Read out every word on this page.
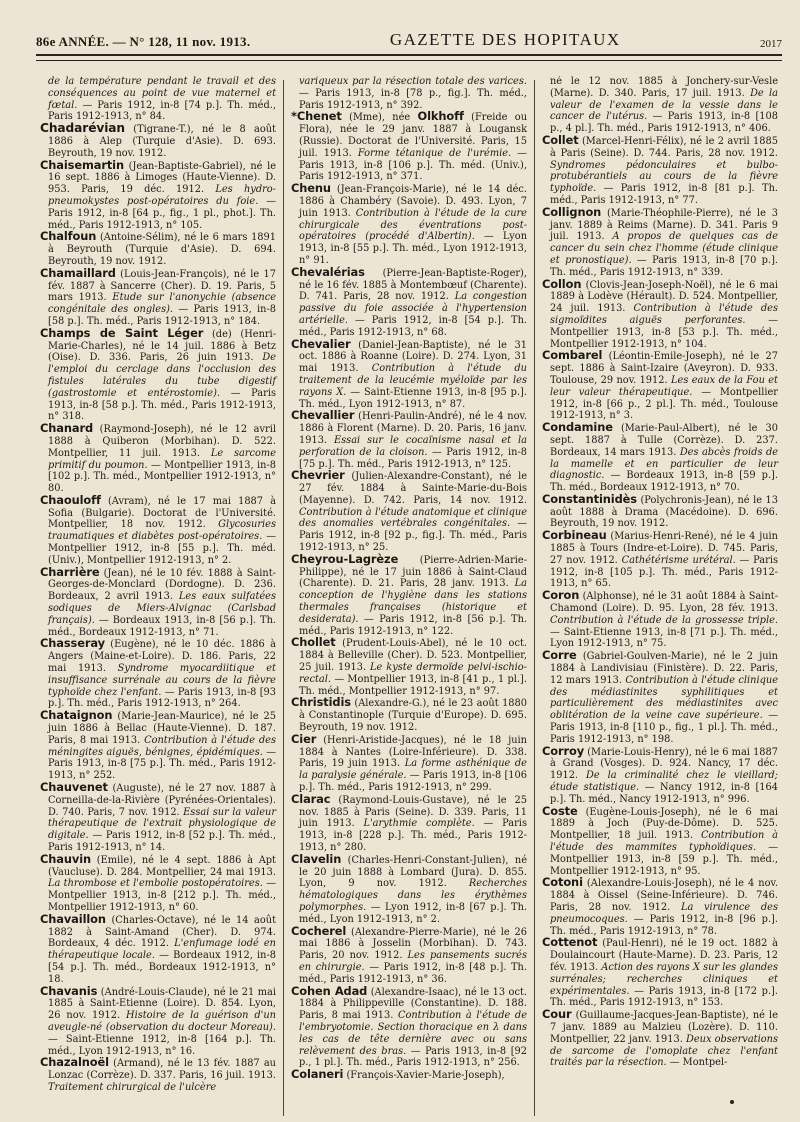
86e ANNÉE. — N° 128, 11 nov. 1913.	GAZETTE DES HOPITAUX	2017

de la température pendant le travail et des conséquences au point de vue maternel et fœtal. — Paris 1912, in-8 [74 p.]. Th. méd., Paris 1912-1913, n° 84.

Chadarévian (Tigrane-T.), né le 8 août 1886 à Alep (Turquie d'Asie). D. 693. Beyrouth, 19 nov. 1912.

Chaisemartin (Jean-Baptiste-Gabriel), né le 16 sept. 1886 à Limoges (Haute-Vienne). D. 953. Paris, 19 déc. 1912. Les hydro-pneumokystes post-opératoires du foie. — Paris 1912, in-8 [64 p., fig., 1 pl., phot.]. Th. méd., Paris 1912-1913, n° 105.

Chalfoun (Antoine-Sélim), né le 6 mars 1891 à Beyrouth (Turquie d'Asie). D. 694. Beyrouth, 19 nov. 1912.

Chamaillard (Louis-Jean-François), né le 17 fév. 1887 à Sancerre (Cher). D. 19. Paris, 5 mars 1913. Etude sur l'anonychie (absence congénitale des ongles). — Paris 1913, in-8 [58 p.]. Th. méd., Paris 1912-1913, n° 184.

Champs de Saint Léger (de) (Henri-Marie-Charles), né le 14 juil. 1886 à Betz (Oise). D. 336. Paris, 26 juin 1913. De l'emploi du cerclage dans l'occlusion des fistules latérales du tube digestif (gastrostomie et entérostomie). — Paris 1913, in-8 [58 p.]. Th. méd., Paris 1912-1913, n° 318.

Chanard (Raymond-Joseph), né le 12 avril 1888 à Quiberon (Morbihan). D. 522. Montpellier, 11 juil. 1913. Le sarcome primitif du poumon. — Montpellier 1913, in-8 [102 p.]. Th. méd., Montpellier 1912-1913, n° 80.

Chaouloff (Avram), né le 17 mai 1887 à Sofia (Bulgarie). Doctorat de l'Université. Montpellier, 18 nov. 1912. Glycosuries traumatiques et diabètes post-opératoires. — Montpellier 1912, in-8 [55 p.]. Th. méd. (Univ.), Montpellier 1912-1913, n° 2.

Charrière (Jean), né le 10 fév. 1888 à Saint-Georges-de-Monclard (Dordogne). D. 236. Bordeaux, 2 avril 1913. Les eaux sulfatées sodiques de Miers-Alvignac (Carlsbad français). — Bordeaux 1913, in-8 [56 p.]. Th. méd., Bordeaux 1912-1913, n° 71.

Chasseray (Eugène), né le 10 déc. 1886 à Angers (Maine-et-Loire). D. 186. Paris, 22 mai 1913. Syndrome myocardiitique et insuffisance surrénale au cours de la fièvre typhoïde chez l'enfant. — Paris 1913, in-8 [93 p.]. Th. méd., Paris 1912-1913, n° 264.

Chataignon (Marie-Jean-Maurice), né le 25 juin 1886 à Bellac (Haute-Vienne). D. 187. Paris, 8 mai 1913. Contribution à l'étude des méningites aiguës, bénignes, épidémiques. — Paris 1913, in-8 [75 p.]. Th. méd., Paris 1912-1913, n° 252.

Chauvenet (Auguste), né le 27 nov. 1887 à Corneilla-de-la-Rivière (Pyrénées-Orientales). D. 740. Paris, 7 nov. 1912. Essai sur la valeur thérapeutique de l'extrait physiologique de digitale. — Paris 1912, in-8 [52 p.]. Th. méd., Paris 1912-1913, n° 14.

Chauvin (Emile), né le 4 sept. 1886 à Apt (Vaucluse). D. 284. Montpellier, 24 mai 1913. La thrombose et l'embolie postopératoires. — Montpellier 1913, in-8 [212 p.]. Th. méd., Montpellier 1912-1913, n° 60.

Chavaillon (Charles-Octave), né le 14 août 1882 à Saint-Amand (Cher). D. 974. Bordeaux, 4 déc. 1912. L'enfumage iodé en thérapeutique locale. — Bordeaux 1912, in-8 [54 p.]. Th. méd., Bordeaux 1912-1913, n° 18.

Chavanis (André-Louis-Claude), né le 21 mai 1885 à Saint-Etienne (Loire). D. 854. Lyon, 26 nov. 1912. Histoire de la guérison d'un aveugle-né (observation du docteur Moreau). — Saint-Etienne 1912, in-8 [164 p.]. Th. méd., Lyon 1912-1913, n° 16.

Chazalnoël (Armand), né le 13 fév. 1887 au Lonzac (Corrèze). D. 337. Paris, 16 juil. 1913. Traitement chirurgical de l'ulcère

variqueux par la résection totale des varices. — Paris 1913, in-8 [78 p., fig.]. Th. méd., Paris 1912-1913, n° 392.

*Chenet (Mme), née Olkhoff (Freide ou Flora), née le 29 janv. 1887 à Lougansk (Russie). Doctorat de l'Université. Paris, 15 juil. 1913. Forme tétanique de l'urémie. — Paris 1913, in-8 [106 p.]. Th. méd. (Univ.), Paris 1912-1913, n° 371.

Chenu (Jean-François-Marie), né le 14 déc. 1886 à Chambéry (Savoie). D. 493. Lyon, 7 juin 1913. Contribution à l'étude de la cure chirurgicale des éventrations post-opératoires (procédé d'Albertin). — Lyon 1913, in-8 [55 p.]. Th. méd., Lyon 1912-1913, n° 91.

Chevalérias (Pierre-Jean-Baptiste-Roger), né le 16 fév. 1885 à Montembœuf (Charente). D. 741. Paris, 28 nov. 1912. La congestion passive du foie associée à l'hypertension artérielle. — Paris 1912, in-8 [54 p.]. Th. méd., Paris 1912-1913, n° 68.

Chevalier (Daniel-Jean-Baptiste), né le 31 oct. 1886 à Roanne (Loire). D. 274. Lyon, 31 mai 1913. Contribution à l'étude du traitement de la leucémie myéloïde par les rayons X. — Saint-Etienne 1913, in-8 [95 p.]. Th. méd., Lyon 1912-1913, n° 87.

Chevallier (Henri-Paulin-André), né le 4 nov. 1886 à Florent (Marne). D. 20. Paris, 16 janv. 1913. Essai sur le cocaïnisme nasal et la perforation de la cloison. — Paris 1912, in-8 [75 p.]. Th. méd., Paris 1912-1913, n° 125.

Chevrier (Julien-Alexandre-Constant), né le 27 fév. 1884 à Sainte-Marie-du-Bois (Mayenne). D. 742. Paris, 14 nov. 1912. Contribution à l'étude anatomique et clinique des anomalies vertébrales congénitales. — Paris 1912, in-8 [92 p., fig.]. Th. méd., Paris 1912-1913, n° 25.

Cheyrou-Lagrèze (Pierre-Adrien-Marie-Philippe), né le 17 juin 1886 à Saint-Claud (Charente). D. 21. Paris, 28 janv. 1913. La conception de l'hygiène dans les stations thermales françaises (historique et desiderata). — Paris 1912, in-8 [56 p.]. Th. méd., Paris 1912-1913, n° 122.

Chollet (Prudent-Louis-Abel), né le 10 oct. 1884 à Belleville (Cher). D. 523. Montpellier, 25 juil. 1913. Le kyste dermoïde pelvi-ischio-rectal. — Montpellier 1913, in-8 [41 p., 1 pl.]. Th. méd., Montpellier 1912-1913, n° 97.

Christidis (Alexandre-G.), né le 23 août 1880 à Constantinople (Turquie d'Europe). D. 695. Beyrouth, 19 nov. 1912.

Cier (Henri-Aristide-Jacques), né le 18 juin 1884 à Nantes (Loire-Inférieure). D. 338. Paris, 19 juin 1913. La forme asthénique de la paralysie générale. — Paris 1913, in-8 [106 p.]. Th. méd., Paris 1912-1913, n° 299.

Clarac (Raymond-Louis-Gustave), né le 25 nov. 1885 à Paris (Seine). D. 339. Paris, 11 juin 1913. L'arythmie complète. — Paris 1913, in-8 [228 p.]. Th. méd., Paris 1912-1913, n° 280.

Clavelin (Charles-Henri-Constant-Julien), né le 20 juin 1888 à Lombard (Jura). D. 855. Lyon, 9 nov. 1912. Recherches hématologiques dans les érythèmes polymorphes. — Lyon 1912, in-8 [67 p.]. Th. méd., Lyon 1912-1913, n° 2.

Cocherel (Alexandre-Pierre-Marie), né le 26 mai 1886 à Josselin (Morbihan). D. 743. Paris, 20 nov. 1912. Les pansements sucrés en chirurgie. — Paris 1912, in-8 [48 p.]. Th. méd., Paris 1912-1913, n° 36.

Cohen Adad (Alexandre-Isaac), né le 13 oct. 1884 à Philippeville (Constantine). D. 188. Paris, 8 mai 1913. Contribution à l'étude de l'embryotomie. Section thoracique en λ dans les cas de tête dernière avec ou sans relèvement des bras. — Paris 1913, in-8 [92 p., 1 pl.]. Th. méd., Paris 1912-1913, n° 256.

Colaneri (François-Xavier-Marie-Joseph),

né le 12 nov. 1885 à Jonchery-sur-Vesle (Marne). D. 340. Paris, 17 juil. 1913. De la valeur de l'examen de la vessie dans le cancer de l'utérus. — Paris 1913, in-8 [108 p., 4 pl.]. Th. méd., Paris 1912-1913, n° 406.

Collet (Marcel-Henri-Félix), né le 2 avril 1885 à Paris (Seine). D. 744. Paris, 28 nov. 1912. Syndromes pédonculaires et bulbo-protubérantiels au cours de la fièvre typhoïde. — Paris 1912, in-8 [81 p.]. Th. méd., Paris 1912-1913, n° 77.

Collignon (Marie-Théophile-Pierre), né le 3 janv. 1889 à Reims (Marne). D. 341. Paris 9 juil. 1913. A propos de quelques cas de cancer du sein chez l'homme (étude clinique et pronostique). — Paris 1913, in-8 [70 p.]. Th. méd., Paris 1912-1913, n° 339.

Collon (Clovis-Jean-Joseph-Noël), né le 6 mai 1889 à Lodève (Hérault). D. 524. Montpellier, 24 juil. 1913. Contribution à l'étude des sigmoïdites aiguës perforantes. — Montpellier 1913, in-8 [53 p.]. Th. méd., Montpellier 1912-1913, n° 104.

Combarel (Léontin-Emile-Joseph), né le 27 sept. 1886 à Saint-Izaire (Aveyron). D. 933. Toulouse, 29 nov. 1912. Les eaux de la Fou et leur valeur thérapeutique. — Montpellier 1912, in-8 [66 p., 2 pl.]. Th. méd., Toulouse 1912-1913, n° 3.

Condamine (Marie-Paul-Albert), né le 30 sept. 1887 à Tulle (Corrèze). D. 237. Bordeaux, 14 mars 1913. Des abcès froids de la mamelle et en particulier de leur diagnostic. — Bordeaux 1913, in-8 [59 p.]. Th. méd., Bordeaux 1912-1913, n° 70.

Constantinidès (Polychronis-Jean), né le 13 août 1888 à Drama (Macédoine). D. 696. Beyrouth, 19 nov. 1912.

Corbineau (Marius-Henri-René), né le 4 juin 1885 à Tours (Indre-et-Loire). D. 745. Paris, 27 nov. 1912. Cathétérisme urétéral. — Paris 1912, in-8 [105 p.]. Th. méd., Paris 1912-1913, n° 65.

Coron (Alphonse), né le 31 août 1884 à Saint-Chamond (Loire). D. 95. Lyon, 28 fév. 1913. Contribution à l'étude de la grossesse triple. — Saint-Etienne 1913, in-8 [71 p.]. Th. méd., Lyon 1912-1913, n° 75.

Corre (Gabriel-Goulven-Marie), né le 2 juin 1884 à Landivisiau (Finistère). D. 22. Paris, 12 mars 1913. Contribution à l'étude clinique des médiastinites syphilitiques et particulièrement des médiastinites avec oblitération de la veine cave supérieure. — Paris 1913, in-8 [110 p., fig., 1 pl.]. Th. méd., Paris 1912-1913, n° 198.

Corroy (Marie-Louis-Henry), né le 6 mai 1887 à Grand (Vosges). D. 924. Nancy, 17 déc. 1912. De la criminalité chez le vieillard; étude statistique. — Nancy 1912, in-8 [164 p.]. Th. méd., Nancy 1912-1913, n° 996.

Coste (Eugène-Louis-Joseph), né le 6 mai 1889 à Joch (Puy-de-Dôme). D. 525. Montpellier, 18 juil. 1913. Contribution à l'étude des mammites typhoïdiques. — Montpellier 1913, in-8 [59 p.]. Th. méd., Montpellier 1912-1913, n° 95.

Cotoni (Alexandre-Louis-Joseph), né le 4 nov. 1884 à Oissel (Seine-Inférieure). D. 746. Paris, 28 nov. 1912. La virulence des pneumocoques. — Paris 1912, in-8 [96 p.]. Th. méd., Paris 1912-1913, n° 78.

Cottenot (Paul-Henri), né le 19 oct. 1882 à Doulaincourt (Haute-Marne). D. 23. Paris, 12 fév. 1913. Action des rayons X sur les glandes surrénales; recherches cliniques et expérimentales. — Paris 1913, in-8 [172 p.]. Th. méd., Paris 1912-1913, n° 153.

Cour (Guillaume-Jacques-Jean-Baptiste), né le 7 janv. 1889 au Malzieu (Lozère). D. 110. Montpellier, 22 janv. 1913. Deux observations de sarcome de l'omoplate chez l'enfant traités par la résection. — Montpel-
